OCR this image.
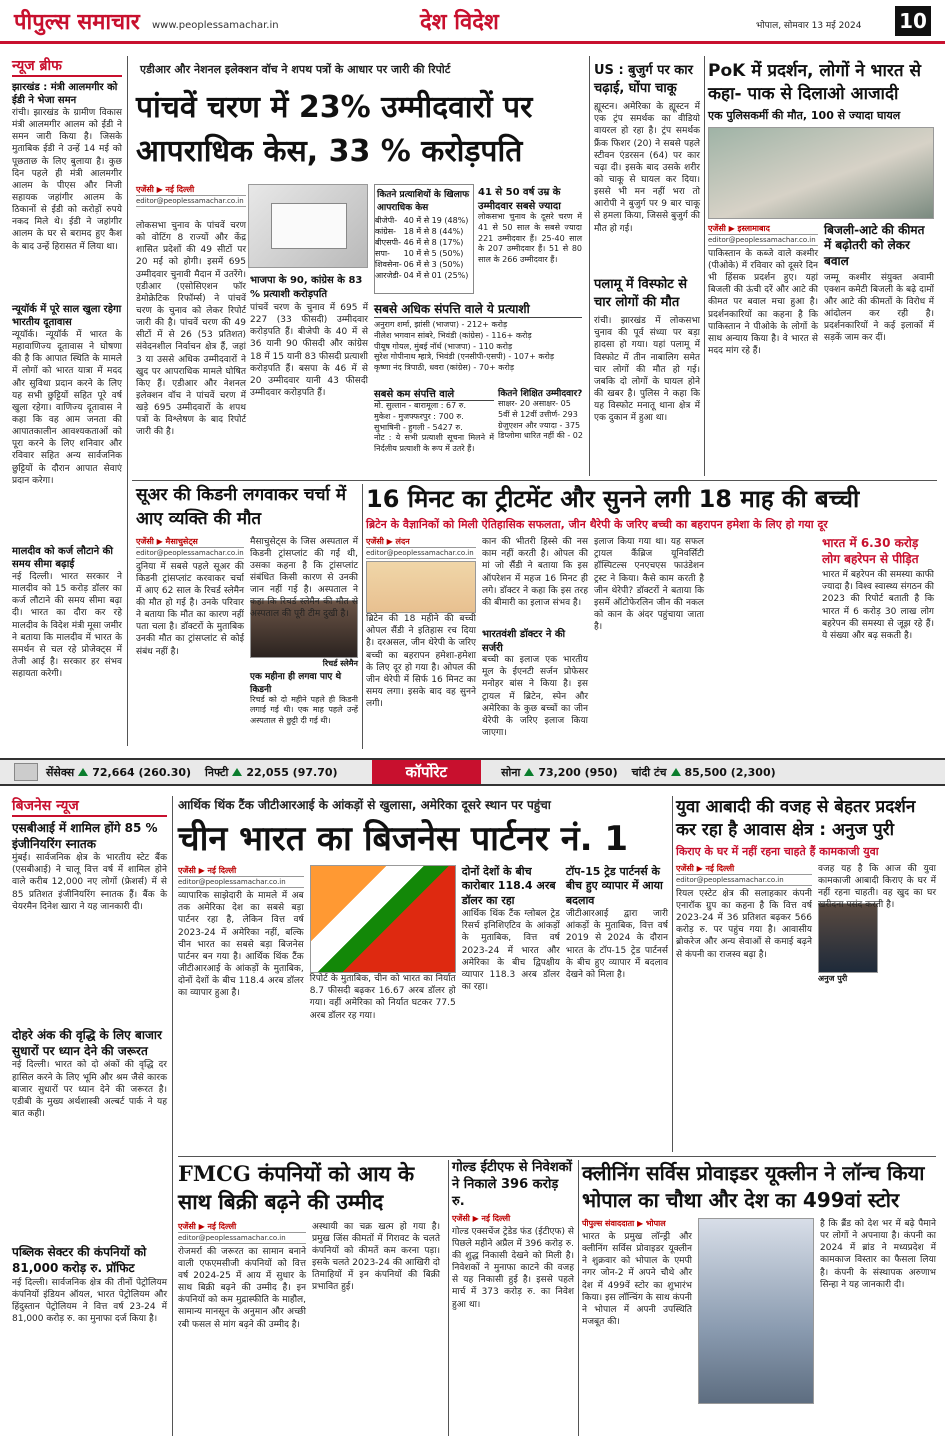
पीपुल्स समाचार www.peoplessamachar.in	देश विदेश	भोपाल, सोमवार 13 मई 2024 10
न्यूज ब्रीफ
झारखंड : मंत्री आलमगीर को ईडी ने भेजा समन
रांची। झारखंड के ग्रामीण विकास मंत्री आलमगीर आलम को ईडी ने समन जारी किया है। जिसके मुताबिक ईडी ने उन्हें 14 मई को पूछताछ के लिए बुलाया है। कुछ दिन पहले ही मंत्री आलमगीर आलम के पीएस और निजी सहायक जहांगीर आलम के ठिकानों से ईडी को करोड़ों रुपये नकद मिले थे। ईडी ने जहांगीर आलम के घर से बरामद हुए कैश के बाद उन्हें हिरासत में लिया था।
न्यूयॉर्क में पूरे साल खुला रहेगा भारतीय दूतावास
न्यूयॉर्क। न्यूयॉर्क में भारत के महावाणिज्य दूतावास ने घोषणा की है कि आपात स्थिति के मामले में लोगों को भारत यात्रा में मदद और सुविधा प्रदान करने के लिए यह सभी छुट्टियों सहित पूरे वर्ष खुला रहेगा। वाणिज्य दूतावास ने कहा कि वह आम जनता की आपातकालीन आवश्यकताओं को पूरा करने के लिए शनिवार और रविवार सहित अन्य सार्वजनिक छुट्टियों के दौरान आपात सेवाएं प्रदान करेगा।
मालदीव को कर्ज लौटाने की समय सीमा बढ़ाई
नई दिल्ली। भारत सरकार ने मालदीव को 15 करोड़ डॉलर का कर्ज लौटाने की समय सीमा बढ़ा दी। भारत का दौरा कर रहे मालदीव के विदेश मंत्री मूसा जमीर ने बताया कि मालदीव में भारत के समर्थन से चल रहे प्रोजेक्ट्स में तेजी आई है। सरकार हर संभव सहायता करेगी।
एडीआर और नेशनल इलेक्शन वॉच ने शपथ पत्रों के आधार पर जारी की रिपोर्ट
पांचवें चरण में 23% उम्मीदवारों पर आपराधिक केस, 33 % करोड़पति
एजेंसी ▶ नई दिल्ली
editor@peoplessamachar.co.in
लोकसभा चुनाव के पांचवें चरण को वोटिंग 8 राज्यों और केंद्र शासित प्रदेशों की 49 सीटों पर 20 मई को होगी। इसमें 695 उम्मीदवार चुनावी मैदान में उतरेंगे। एडीआर (एसोसिएशन फॉर डेमोक्रेटिक रिफॉर्म्स) ने पांचवें चरण के चुनाव को लेकर रिपोर्ट जारी की है। पांचवें चरण की 49 सीटों में से 26 (53 प्रतिशत) संवेदनशील निर्वाचन क्षेत्र हैं, जहां 3 या उससे अधिक उम्मीदवारों ने खुद पर आपराधिक मामले घोषित किए हैं। एडीआर और नेशनल इलेक्शन वॉच ने पांचवें चरण में खड़े 695 उम्मीदवारों के शपथ पत्रों के विश्लेषण के बाद रिपोर्ट जारी की है।
भाजपा के 90, कांग्रेस के 83 % प्रत्याशी करोड़पति
पांचवें चरण के चुनाव में 695 में 227 (33 फीसदी) उम्मीदवार करोड़पति हैं। बीजेपी के 40 में से 36 यानी 90 फीसदी और कांग्रेस 18 में 15 यानी 83 फीसदी प्रत्याशी करोड़पति हैं। बसपा के 46 में से 20 उम्मीदवार यानी 43 फीसदी उम्मीदवार करोड़पति हैं।
कितने प्रत्याशियों के खिलाफ आपराधिक केस
बीजेपी-	40 में से 19 (48%)
कांग्रेस-	18 में से 8 (44%)
बीएसपी-	46 में से 8 (17%)
सपा-	10 में से 5 (50%)
शिवसेना-	06 में से 3 (50%)
आरजेडी-	04 में से 01 (25%)
41 से 50 वर्ष उम्र के उम्मीदवार सबसे ज्यादा
लोकसभा चुनाव के दूसरे चरण में 41 से 50 साल के सबसे ज्यादा 221 उम्मीदवार हैं। 25-40 साल के 207 उम्मीदवार हैं। 51 से 80 साल के 266 उम्मीदवार हैं।
सबसे अधिक संपत्ति वाले ये प्रत्याशी
अनुराग शर्मा, झांसी (भाजपा) - 212+ करोड़
नीलेश भगवान सांबरे, भिवंडी (कांग्रेस) - 116+ करोड़
पीयूष गोयल, मुंबई नॉर्थ (भाजपा) - 110 करोड़
सुरेश गोपीनाथ म्हात्रे, भिवंडी (एनसीपी-एसपी) - 107+ करोड़
कृष्णा नंद त्रिपाठी, धवरा (कांग्रेस) - 70+ करोड़
सबसे कम संपत्ति वाले
मो. सुल्तान - बारामूला : 67 रु.
मुकेश - मुजफ्फरपुर : 700 रु.
सुभाषिनी - हुगली - 5427 रु.
नोट : ये सभी प्रत्याशी सूचना मिलने में निर्दलीय प्रत्याशी के रूप में उतरे हैं।
कितने शिक्षित उम्मीदवार?
साक्षर- 20 असाक्षर- 05
5वीं से 12वीं उत्तीर्ण- 293
ग्रेजुएशन और ज्यादा - 375
डिप्लोमा धारित नहीं की - 02
US : बुजुर्ग पर कार चढ़ाई, घोंपा चाकू
ह्यूस्टन। अमेरिका के ह्यूस्टन में एक ट्रंप समर्थक का वीडियो वायरल हो रहा है। ट्रंप समर्थक फ्रैंक फिशर (20) ने सबसे पहले स्टीवन एंडरसन (64) पर कार चढ़ा दी। इसके बाद उसके शरीर को चाकू से घायल कर दिया। इससे भी मन नहीं भरा तो आरोपी ने बुजुर्ग पर 9 बार चाकू से हमला किया, जिससे बुजुर्ग की मौत हो गई।
पलामू में विस्फोट से चार लोगों की मौत
रांची। झारखंड में लोकसभा चुनाव की पूर्व संध्या पर बड़ा हादसा हो गया। यहां पलामू में विस्फोट में तीन नाबालिग समेत चार लोगों की मौत हो गई। जबकि दो लोगों के घायल होने की खबर है। पुलिस ने कहा कि यह विस्फोट मनातू थाना क्षेत्र में एक दुकान में हुआ था।
PoK में प्रदर्शन, लोगों ने भारत से कहा- पाक से दिलाओ आजादी
एक पुलिसकर्मी की मौत, 100 से ज्यादा घायल
एजेंसी ▶ इस्लामाबाद
editor@peoplessamachar.co.in
पाकिस्तान के कब्जे वाले कश्मीर (पीओके) में रविवार को दूसरे दिन भी हिंसक प्रदर्शन हुए। यहां बिजली की ऊंची दरें और आटे की कीमत पर बवाल मचा हुआ है। प्रदर्शनकारियों का कहना है कि पाकिस्तान ने पीओके के लोगों के साथ अन्याय किया है। वे भारत से मदद मांग रहे हैं।
बिजली-आटे की कीमत में बढ़ोतरी को लेकर बवाल
जम्मू कश्मीर संयुक्त अवामी एक्शन कमेटी बिजली के बढ़े दामों और आटे की कीमतों के विरोध में आंदोलन कर रही है। प्रदर्शनकारियों ने कई इलाकों में सड़कें जाम कर दीं।
सूअर की किडनी लगवाकर चर्चा में आए व्यक्ति की मौत
एजेंसी ▶ मैसाचुसेट्स
editor@peoplessamachar.co.in
दुनिया में सबसे पहले सूअर की किडनी ट्रांसप्लांट करवाकर चर्चा में आए 62 साल के रिचर्ड स्लेमैन की मौत हो गई है। उनके परिवार ने बताया कि मौत का कारण नहीं पता चला है। डॉक्टरों के मुताबिक उनकी मौत का ट्रांसप्लांट से कोई संबंध नहीं है।
मैसाचुसेट्स के जिस अस्पताल में किडनी ट्रांसप्लांट की गई थी, उसका कहना है कि ट्रांसप्लांट संबंधित किसी कारण से उनकी जान नहीं गई है। अस्पताल ने कहा कि रिचर्ड स्लेमैन की मौत से अस्पताल की पूरी टीम दुखी है।
रिचर्ड स्लेमैन
एक महीना ही लगवा पाए थे किडनी
रिचर्ड को दो महीने पहले ही किडनी लगाई गई थी। एक माह पहले उन्हें अस्पताल से छुट्टी दी गई थी।
16 मिनट का ट्रीटमेंट और सुनने लगी 18 माह की बच्ची
ब्रिटेन के वैज्ञानिकों को मिली ऐतिहासिक सफलता, जीन थैरेपी के जरिए बच्ची का बहरापन हमेशा के लिए हो गया दूर
एजेंसी ▶ लंदन
editor@peoplessamachar.co.in
ब्रिटेन की 18 महीने की बच्ची ओपल सैंडी ने इतिहास रच दिया है। दरअसल, जीन थेरेपी के जरिए बच्ची का बहरापन हमेशा-हमेशा के लिए दूर हो गया है। ओपल की जीन थेरेपी में सिर्फ 16 मिनट का समय लगा। इसके बाद वह सुनने लगी।
कान की भीतरी हिस्से की नस काम नहीं करती है। ओपल की मां जो सैंडी ने बताया कि इस ऑपरेशन में महज 16 मिनट ही लगे। डॉक्टर ने कहा कि इस तरह की बीमारी का इलाज संभव है।
भारतवंशी डॉक्टर ने की सर्जरी
बच्ची का इलाज एक भारतीय मूल के ईएनटी सर्जन प्रोफेसर मनोहर बांस ने किया है। इस ट्रायल में ब्रिटेन, स्पेन और अमेरिका के कुछ बच्चों का जीन थेरेपी के जरिए इलाज किया जाएगा।
इलाज किया गया था। यह सफल ट्रायल कैंब्रिज यूनिवर्सिटी हॉस्पिटल्स एनएचएस फाउंडेशन ट्रस्ट ने किया। कैसे काम करती है जीन थेरेपी? डॉक्टरों ने बताया कि इसमें ऑटोफेरलिन जीन की नकल को कान के अंदर पहुंचाया जाता है।
भारत में 6.30 करोड़ लोग बहरेपन से पीड़ित
भारत में बहरेपन की समस्या काफी ज्यादा है। विश्व स्वास्थ्य संगठन की 2023 की रिपोर्ट बताती है कि भारत में 6 करोड़ 30 लाख लोग बहरेपन की समस्या से जूझ रहे हैं। ये संख्या और बढ़ सकती है।
सेंसेक्स 72,664 (260.30) निफ्टी 22,055 (97.70)	कॉर्पोरेट	सोना 73,200 (950) चांदी टंच 85,500 (2,300)
बिजनेस न्यूज
एसबीआई में शामिल होंगे 85 % इंजीनियरिंग स्नातक
मुंबई। सार्वजनिक क्षेत्र के भारतीय स्टेट बैंक (एसबीआई) ने चालू वित्त वर्ष में शामिल होने वाले करीब 12,000 नए लोगों (फ्रेशर्स) में से 85 प्रतिशत इंजीनियरिंग स्नातक हैं। बैंक के चेयरमैन दिनेश खारा ने यह जानकारी दी।
दोहरे अंक की वृद्धि के लिए बाजार सुधारों पर ध्यान देने की जरूरत
नई दिल्ली। भारत को दो अंकों की वृद्धि दर हासिल करने के लिए भूमि और श्रम जैसे कारक बाजार सुधारों पर ध्यान देने की जरूरत है। एडीबी के मुख्य अर्थशास्त्री अल्बर्ट पार्क ने यह बात कही।
पब्लिक सेक्टर की कंपनियों को 81,000 करोड़ रु. प्रॉफिट
नई दिल्ली। सार्वजनिक क्षेत्र की तीनों पेट्रोलियम कंपनियों इंडियन ऑयल, भारत पेट्रोलियम और हिंदुस्तान पेट्रोलियम ने वित्त वर्ष 23-24 में 81,000 करोड़ रु. का मुनाफा दर्ज किया है।
आर्थिक थिंक टैंक जीटीआरआई के आंकड़ों से खुलासा, अमेरिका दूसरे स्थान पर पहुंचा
चीन भारत का बिजनेस पार्टनर नं. 1
एजेंसी ▶ नई दिल्ली
editor@peoplessamachar.co.in
व्यापारिक साझेदारी के मामले में अब तक अमेरिका देश का सबसे बड़ा पार्टनर रहा है, लेकिन वित्त वर्ष 2023-24 में अमेरिका नहीं, बल्कि चीन भारत का सबसे बड़ा बिजनेस पार्टनर बन गया है। आर्थिक थिंक टैंक जीटीआरआई के आंकड़ों के मुताबिक, दोनों देशों के बीच 118.4 अरब डॉलर का व्यापार हुआ है।
रिपोर्ट के मुताबिक, चीन को भारत का निर्यात 8.7 फीसदी बढ़कर 16.67 अरब डॉलर हो गया। वहीं अमेरिका को निर्यात घटकर 77.5 अरब डॉलर रह गया।
दोनों देशों के बीच कारोबार 118.4 अरब डॉलर का रहा
आर्थिक थिंक टैंक ग्लोबल ट्रेड रिसर्च इनिशिएटिव के आंकड़ों के मुताबिक, वित्त वर्ष 2023-24 में भारत और अमेरिका के बीच द्विपक्षीय व्यापार 118.3 अरब डॉलर का रहा।
टॉप-15 ट्रेड पार्टनर्स के बीच हुए व्यापार में आया बदलाव
जीटीआरआई द्वारा जारी आंकड़ों के मुताबिक, वित्त वर्ष 2019 से 2024 के दौरान भारत के टॉप-15 ट्रेड पार्टनर्स के बीच हुए व्यापार में बदलाव देखने को मिला है।
युवा आबादी की वजह से बेहतर प्रदर्शन कर रहा है आवास क्षेत्र : अनुज पुरी
किराए के घर में नहीं रहना चाहते हैं कामकाजी युवा
एजेंसी ▶ नई दिल्ली
editor@peoplessamachar.co.in
रियल एस्टेट क्षेत्र की सलाहकार कंपनी एनारॉक ग्रुप का कहना है कि वित्त वर्ष 2023-24 में 36 प्रतिशत बढ़कर 566 करोड़ रु. पर पहुंच गया है। आवासीय ब्रोकरेज और अन्य सेवाओं से कमाई बढ़ने से कंपनी का राजस्व बढ़ा है।
वजह यह है कि आज की युवा कामकाजी आबादी किराए के घर में नहीं रहना चाहती। वह खुद का घर खरीदना पसंद करती है।
अनुज पुरी
FMCG कंपनियों को आय के साथ बिक्री बढ़ने की उम्मीद
एजेंसी ▶ नई दिल्ली
editor@peoplessamachar.co.in
रोजमर्रा की जरूरत का सामान बनाने वाली एफएमसीजी कंपनियों को वित्त वर्ष 2024-25 में आय में सुधार के साथ बिक्री बढ़ने की उम्मीद है। इन कंपनियों को कम मुद्रास्फीति के माहौल, सामान्य मानसून के अनुमान और अच्छी रबी फसल से मांग बढ़ने की उम्मीद है।
अस्थायी का चक्र खत्म हो गया है। प्रमुख जिंस कीमतों में गिरावट के चलते कंपनियों को कीमतें कम करना पड़ा। इसके चलते 2023-24 की आखिरी दो तिमाहियों में इन कंपनियों की बिक्री प्रभावित हुई।
गोल्ड ईटीएफ से निवेशकों ने निकाले 396 करोड़ रु.
एजेंसी ▶ नई दिल्ली
गोल्ड एक्सचेंज ट्रेडेड फंड (ईटीएफ) से पिछले महीने अप्रैल में 396 करोड़ रु. की शुद्ध निकासी देखने को मिली है। निवेशकों ने मुनाफा काटने की वजह से यह निकासी हुई है। इससे पहले मार्च में 373 करोड़ रु. का निवेश हुआ था।
क्लीनिंग सर्विस प्रोवाइडर यूक्लीन ने लॉन्च किया भोपाल का चौथा और देश का 499वां स्टोर
पीपुल्स संवाददाता ▶ भोपाल
भारत के प्रमुख लॉन्ड्री और क्लीनिंग सर्विस प्रोवाइडर यूक्लीन ने शुक्रवार को भोपाल के एमपी नगर जोन-2 में अपने चौथे और देश में 499वें स्टोर का शुभारंभ किया। इस लॉन्चिंग के साथ कंपनी ने भोपाल में अपनी उपस्थिति मजबूत की।
है कि ब्रैंड को देश भर में बढ़े पैमाने पर लोगों ने अपनाया है। कंपनी का 2024 में ब्रांड ने मध्यप्रदेश में कामकाज विस्तार का फैसला लिया है। कंपनी के संस्थापक अरुणाभ सिन्हा ने यह जानकारी दी।
